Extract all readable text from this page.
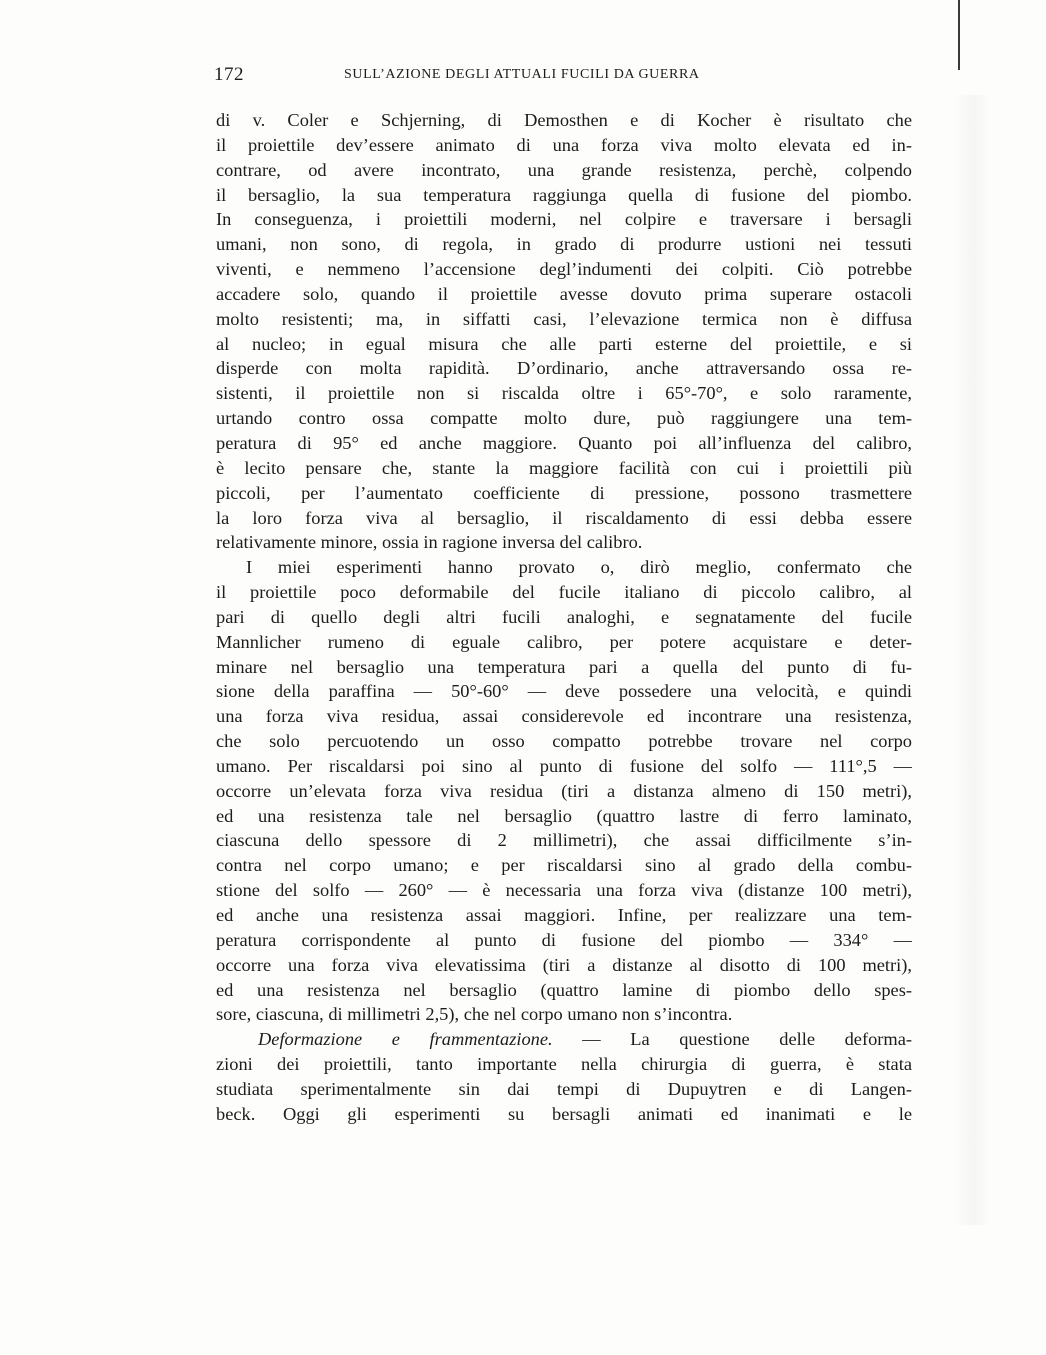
172	SULL’AZIONE DEGLI ATTUALI FUCILI DA GUERRA
di v. Coler e Schjerning, di Demosthen e di Kocher è risultato che
il proiettile dev’essere animato di una forza viva molto elevata ed in-
contrare, od avere incontrato, una grande resistenza, perchè, colpendo
il bersaglio, la sua temperatura raggiunga quella di fusione del piombo.
In conseguenza, i proiettili moderni, nel colpire e traversare i bersagli
umani, non sono, di regola, in grado di produrre ustioni nei tessuti
viventi, e nemmeno l’accensione degl’indumenti dei colpiti. Ciò potrebbe
accadere solo, quando il proiettile avesse dovuto prima superare ostacoli
molto resistenti; ma, in siffatti casi, l’elevazione termica non è diffusa
al nucleo; in egual misura che alle parti esterne del proiettile, e si
disperde con molta rapidità. D’ordinario, anche attraversando ossa re-
sistenti, il proiettile non si riscalda oltre i 65°-70°, e solo raramente,
urtando contro ossa compatte molto dure, può raggiungere una tem-
peratura di 95° ed anche maggiore. Quanto poi all’influenza del calibro,
è lecito pensare che, stante la maggiore facilità con cui i proiettili più
piccoli, per l’aumentato coefficiente di pressione, possono trasmettere
la loro forza viva al bersaglio, il riscaldamento di essi debba essere
relativamente minore, ossia in ragione inversa del calibro.
I miei esperimenti hanno provato o, dirò meglio, confermato che
il proiettile poco deformabile del fucile italiano di piccolo calibro, al
pari di quello degli altri fucili analoghi, e segnatamente del fucile
Mannlicher rumeno di eguale calibro, per potere acquistare e deter-
minare nel bersaglio una temperatura pari a quella del punto di fu-
sione della paraffina — 50°-60° — deve possedere una velocità, e quindi
una forza viva residua, assai considerevole ed incontrare una resistenza,
che solo percuotendo un osso compatto potrebbe trovare nel corpo
umano. Per riscaldarsi poi sino al punto di fusione del solfo — 111°,5 —
occorre un’elevata forza viva residua (tiri a distanza almeno di 150 metri),
ed una resistenza tale nel bersaglio (quattro lastre di ferro laminato,
ciascuna dello spessore di 2 millimetri), che assai difficilmente s’in-
contra nel corpo umano; e per riscaldarsi sino al grado della combu-
stione del solfo — 260° — è necessaria una forza viva (distanze 100 metri),
ed anche una resistenza assai maggiori. Infine, per realizzare una tem-
peratura corrispondente al punto di fusione del piombo — 334° —
occorre una forza viva elevatissima (tiri a distanze al disotto di 100 metri),
ed una resistenza nel bersaglio (quattro lamine di piombo dello spes-
sore, ciascuna, di millimetri 2,5), che nel corpo umano non s’incontra.
Deformazione e frammentazione. — La questione delle deforma-
zioni dei proiettili, tanto importante nella chirurgia di guerra, è stata
studiata sperimentalmente sin dai tempi di Dupuytren e di Langen-
beck. Oggi gli esperimenti su bersagli animati ed inanimati e le
